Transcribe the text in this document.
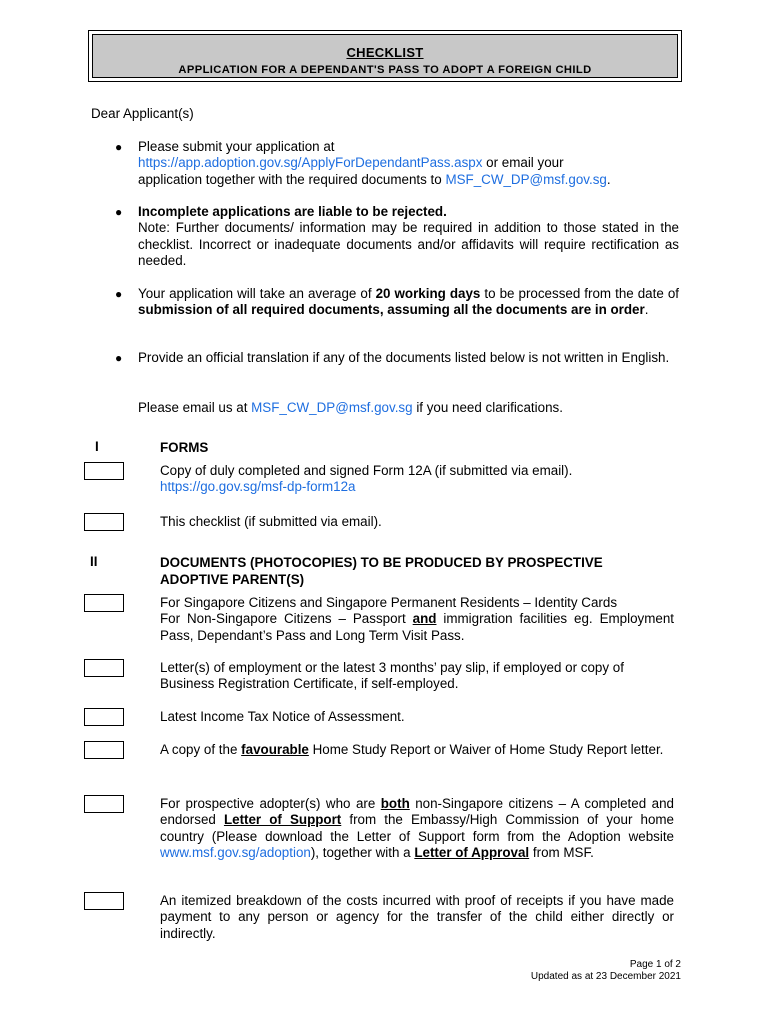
CHECKLIST
APPLICATION FOR A DEPENDANT'S PASS TO ADOPT A FOREIGN CHILD
Dear Applicant(s)
● Please submit your application at
https://app.adoption.gov.sg/ApplyForDependantPass.aspx or email your
application together with the required documents to MSF_CW_DP@msf.gov.sg.
● Incomplete applications are liable to be rejected.
Note: Further documents/ information may be required in addition to those stated in the checklist. Incorrect or inadequate documents and/or affidavits will require rectification as needed.
● Your application will take an average of 20 working days to be processed from the date of submission of all required documents, assuming all the documents are in order.
● Provide an official translation if any of the documents listed below is not written in English.
Please email us at MSF_CW_DP@msf.gov.sg if you need clarifications.
I	FORMS
Copy of duly completed and signed Form 12A (if submitted via email).
https://go.gov.sg/msf-dp-form12a
This checklist (if submitted via email).
II	DOCUMENTS (PHOTOCOPIES) TO BE PRODUCED BY PROSPECTIVE
ADOPTIVE PARENT(S)
For Singapore Citizens and Singapore Permanent Residents – Identity Cards
For Non-Singapore Citizens – Passport and immigration facilities eg. Employment Pass, Dependant’s Pass and Long Term Visit Pass.
Letter(s) of employment or the latest 3 months’ pay slip, if employed or copy of Business Registration Certificate, if self-employed.
Latest Income Tax Notice of Assessment.
A copy of the favourable Home Study Report or Waiver of Home Study Report letter.
For prospective adopter(s) who are both non-Singapore citizens – A completed and endorsed Letter of Support from the Embassy/High Commission of your home country (Please download the Letter of Support form from the Adoption website www.msf.gov.sg/adoption), together with a Letter of Approval from MSF.
An itemized breakdown of the costs incurred with proof of receipts if you have made payment to any person or agency for the transfer of the child either directly or indirectly.
Page 1 of 2
Updated as at 23 December 2021
